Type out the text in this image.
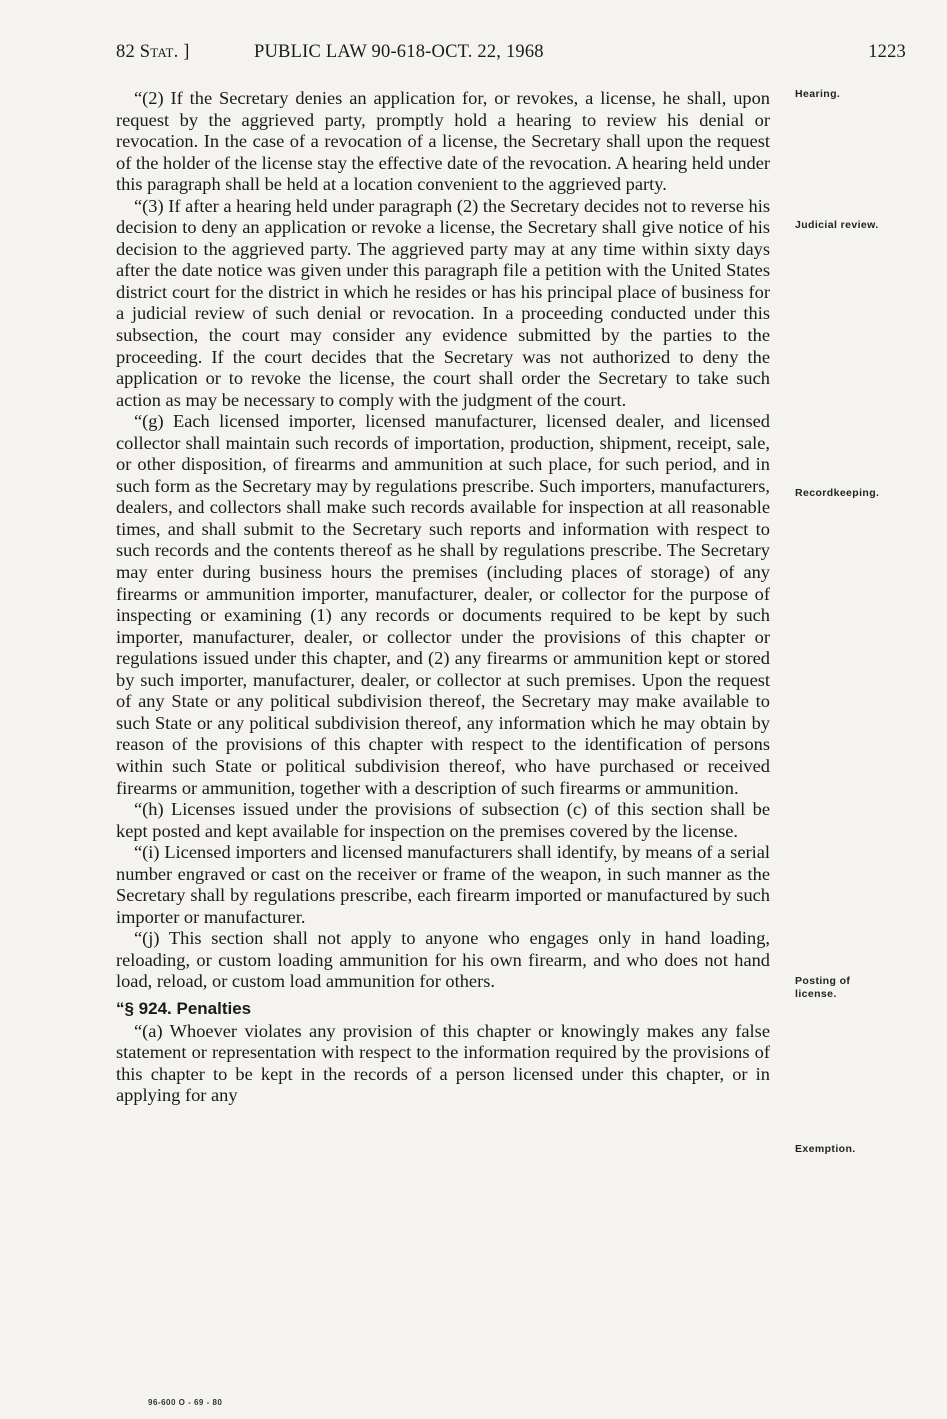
82 Stat. ]	PUBLIC LAW 90-618-OCT. 22, 1968	1223
Hearing.
Judicial review.
Recordkeeping.
Posting of license.
Exemption.

“(2) If the Secretary denies an application for, or revokes, a license, he shall, upon request by the aggrieved party, promptly hold a hearing to review his denial or revocation. In the case of a revocation of a license, the Secretary shall upon the request of the holder of the license stay the effective date of the revocation. A hearing held under this paragraph shall be held at a location convenient to the aggrieved party.

“(3) If after a hearing held under paragraph (2) the Secretary decides not to reverse his decision to deny an application or revoke a license, the Secretary shall give notice of his decision to the aggrieved party. The aggrieved party may at any time within sixty days after the date notice was given under this paragraph file a petition with the United States district court for the district in which he resides or has his principal place of business for a judicial review of such denial or revocation. In a proceeding conducted under this subsection, the court may consider any evidence submitted by the parties to the proceeding. If the court decides that the Secretary was not authorized to deny the application or to revoke the license, the court shall order the Secretary to take such action as may be necessary to comply with the judgment of the court.

“(g) Each licensed importer, licensed manufacturer, licensed dealer, and licensed collector shall maintain such records of importation, production, shipment, receipt, sale, or other disposition, of firearms and ammunition at such place, for such period, and in such form as the Secretary may by regulations prescribe. Such importers, manufacturers, dealers, and collectors shall make such records available for inspection at all reasonable times, and shall submit to the Secretary such reports and information with respect to such records and the contents thereof as he shall by regulations prescribe. The Secretary may enter during business hours the premises (including places of storage) of any firearms or ammunition importer, manufacturer, dealer, or collector for the purpose of inspecting or examining (1) any records or documents required to be kept by such importer, manufacturer, dealer, or collector under the provisions of this chapter or regulations issued under this chapter, and (2) any firearms or ammunition kept or stored by such importer, manufacturer, dealer, or collector at such premises. Upon the request of any State or any political subdivision thereof, the Secretary may make available to such State or any political subdivision thereof, any information which he may obtain by reason of the provisions of this chapter with respect to the identification of persons within such State or political subdivision thereof, who have purchased or received firearms or ammunition, together with a description of such firearms or ammunition.

“(h) Licenses issued under the provisions of subsection (c) of this section shall be kept posted and kept available for inspection on the premises covered by the license.

“(i) Licensed importers and licensed manufacturers shall identify, by means of a serial number engraved or cast on the receiver or frame of the weapon, in such manner as the Secretary shall by regulations prescribe, each firearm imported or manufactured by such importer or manufacturer.

“(j) This section shall not apply to anyone who engages only in hand loading, reloading, or custom loading ammunition for his own firearm, and who does not hand load, reload, or custom load ammunition for others.

“§ 924. Penalties

“(a) Whoever violates any provision of this chapter or knowingly makes any false statement or representation with respect to the information required by the provisions of this chapter to be kept in the records of a person licensed under this chapter, or in applying for any

96-600 O - 69 - 80
